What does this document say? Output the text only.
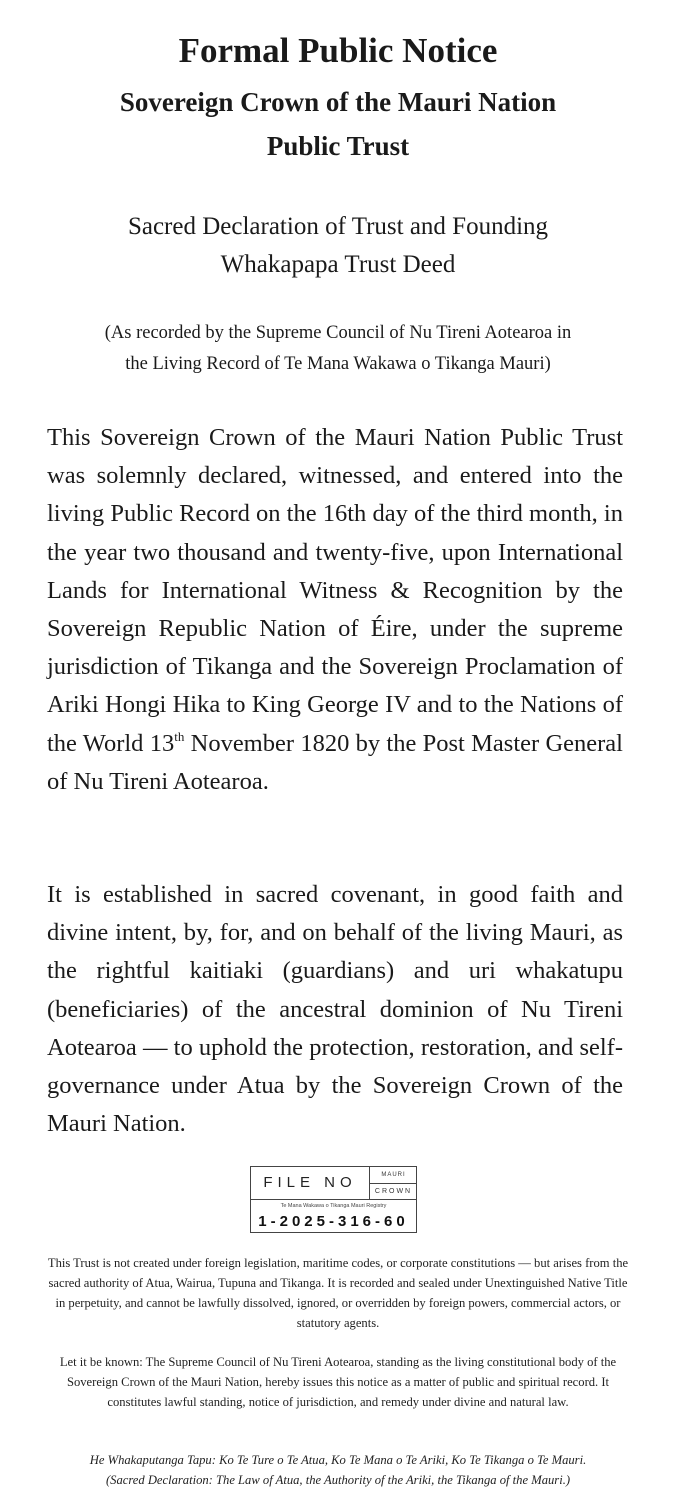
Formal Public Notice
Sovereign Crown of the Mauri Nation
Public Trust
Sacred Declaration of Trust and Founding
Whakapapa Trust Deed
(As recorded by the Supreme Council of Nu Tireni Aotearoa in
the Living Record of Te Mana Wakawa o Tikanga Mauri)
This Sovereign Crown of the Mauri Nation Public Trust was solemnly declared, witnessed, and entered into the living Public Record on the 16th day of the third month, in the year two thousand and twenty-five, upon International Lands for International Witness & Recognition by the Sovereign Republic Nation of Éire, under the supreme jurisdiction of Tikanga and the Sovereign Proclamation of Ariki Hongi Hika to King George IV and to the Nations of the World 13th November 1820 by the Post Master General of Nu Tireni Aotearoa.
It is established in sacred covenant, in good faith and divine intent, by, for, and on behalf of the living Mauri, as the rightful kaitiaki (guardians) and uri whakatupu (beneficiaries) of the ancestral dominion of Nu Tireni Aotearoa — to uphold the protection, restoration, and self-governance under Atua by the Sovereign Crown of the Mauri Nation.
FILE NO	MAURI
CROWN
Te Mana Wakawa o Tikanga Mauri Registry
1-2025-316-60
This Trust is not created under foreign legislation, maritime codes, or corporate constitutions — but arises from the sacred authority of Atua, Wairua, Tupuna and Tikanga. It is recorded and sealed under Unextinguished Native Title in perpetuity, and cannot be lawfully dissolved, ignored, or overridden by foreign powers, commercial actors, or statutory agents.
Let it be known: The Supreme Council of Nu Tireni Aotearoa, standing as the living constitutional body of the Sovereign Crown of the Mauri Nation, hereby issues this notice as a matter of public and spiritual record. It constitutes lawful standing, notice of jurisdiction, and remedy under divine and natural law.
He Whakaputanga Tapu: Ko Te Ture o Te Atua, Ko Te Mana o Te Ariki, Ko Te Tikanga o Te Mauri.
(Sacred Declaration: The Law of Atua, the Authority of the Ariki, the Tikanga of the Mauri.)
